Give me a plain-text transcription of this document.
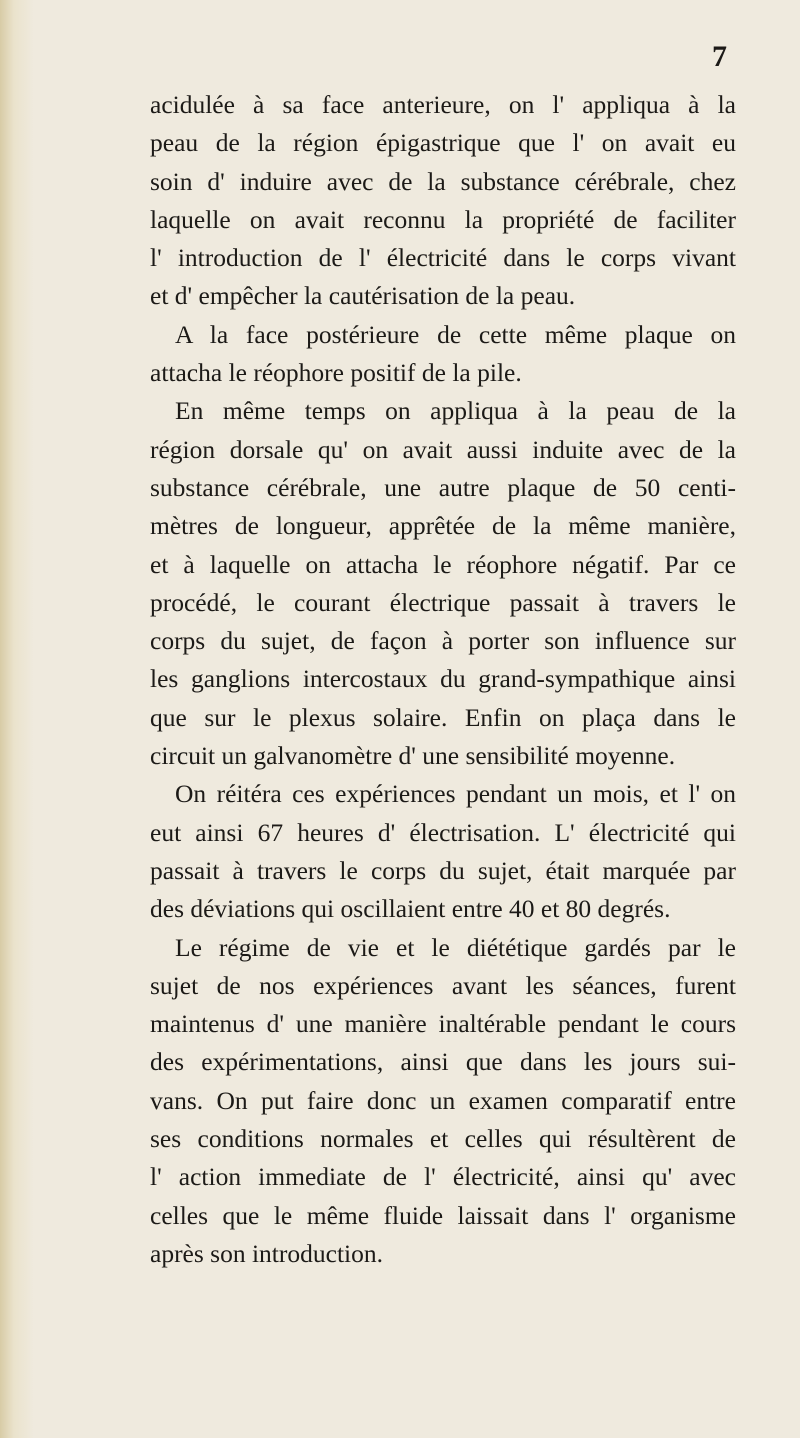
7
acidulée à sa face anterieure, on l' appliqua à la
peau de la région épigastrique que l' on avait eu
soin d' induire avec de la substance cérébrale, chez
laquelle on avait reconnu la propriété de faciliter
l' introduction de l' électricité dans le corps vivant
et d' empêcher la cautérisation de la peau.
A la face postérieure de cette même plaque on
attacha le réophore positif de la pile.
En même temps on appliqua à la peau de la
région dorsale qu' on avait aussi induite avec de la
substance cérébrale, une autre plaque de 50 centi-
mètres de longueur, apprêtée de la même manière,
et à laquelle on attacha le réophore négatif. Par ce
procédé, le courant électrique passait à travers le
corps du sujet, de façon à porter son influence sur
les ganglions intercostaux du grand-sympathique ainsi
que sur le plexus solaire. Enfin on plaça dans le
circuit un galvanomètre d' une sensibilité moyenne.
On réitéra ces expériences pendant un mois, et l' on
eut ainsi 67 heures d' électrisation. L' électricité qui
passait à travers le corps du sujet, était marquée par
des déviations qui oscillaient entre 40 et 80 degrés.
Le régime de vie et le diététique gardés par le
sujet de nos expériences avant les séances, furent
maintenus d' une manière inaltérable pendant le cours
des expérimentations, ainsi que dans les jours sui-
vans. On put faire donc un examen comparatif entre
ses conditions normales et celles qui résultèrent de
l' action immediate de l' électricité, ainsi qu' avec
celles que le même fluide laissait dans l' organisme
après son introduction.
